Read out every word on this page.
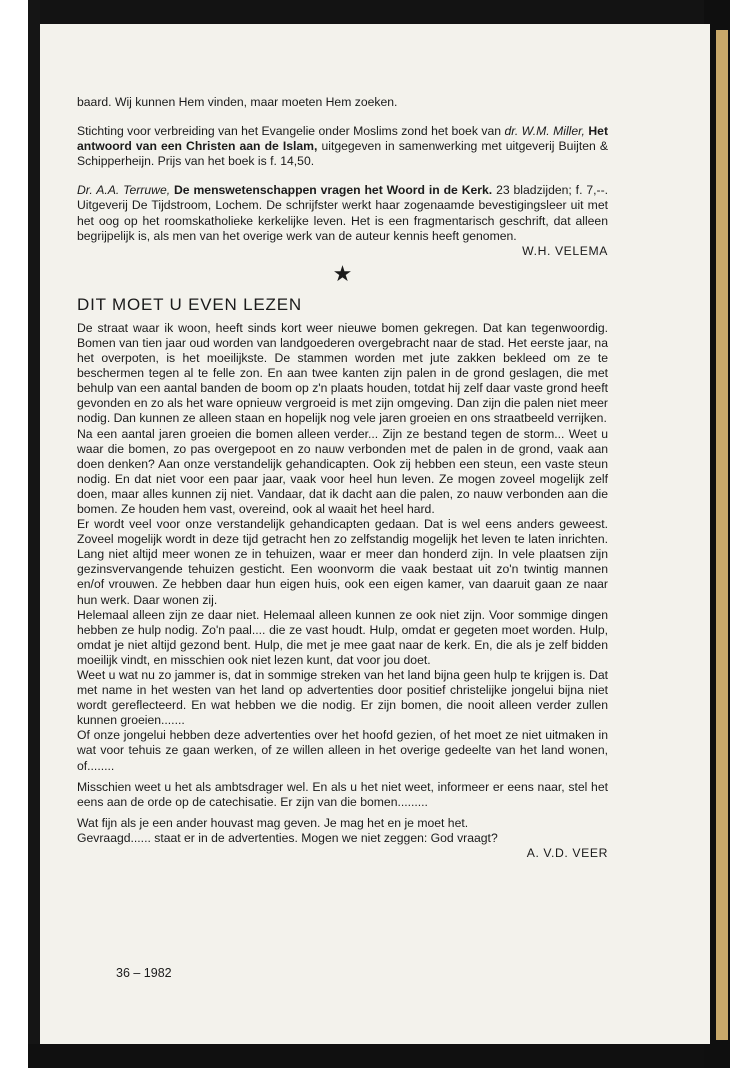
baard. Wij kunnen Hem vinden, maar moeten Hem zoeken.

Stichting voor verbreiding van het Evangelie onder Moslims zond het boek van dr. W.M. Miller, Het antwoord van een Christen aan de Islam, uitgegeven in samenwerking met uitgeverij Buijten & Schipperheijn. Prijs van het boek is f. 14,50.

Dr. A.A. Terruwe, De menswetenschappen vragen het Woord in de Kerk. 23 bladzijden; f. 7,--. Uitgeverij De Tijdstroom, Lochem. De schrijfster werkt haar zogenaamde bevestigingsleer uit met het oog op het roomskatholieke kerkelijke leven. Het is een fragmentarisch geschrift, dat alleen begrijpelijk is, als men van het overige werk van de auteur kennis heeft genomen.

W.H. VELEMA

★
DIT MOET U EVEN LEZEN

De straat waar ik woon, heeft sinds kort weer nieuwe bomen gekregen. Dat kan tegenwoordig. Bomen van tien jaar oud worden van landgoederen overgebracht naar de stad. Het eerste jaar, na het overpoten, is het moeilijkste. De stammen worden met jute zakken bekleed om ze te beschermen tegen al te felle zon. En aan twee kanten zijn palen in de grond geslagen, die met behulp van een aantal banden de boom op z'n plaats houden, totdat hij zelf daar vaste grond heeft gevonden en zo als het ware opnieuw vergroeid is met zijn omgeving. Dan zijn die palen niet meer nodig. Dan kunnen ze alleen staan en hopelijk nog vele jaren groeien en ons straatbeeld verrijken.

Na een aantal jaren groeien die bomen alleen verder... Zijn ze bestand tegen de storm... Weet u waar die bomen, zo pas overgepoot en zo nauw verbonden met de palen in de grond, vaak aan doen denken? Aan onze verstandelijk gehandicapten. Ook zij hebben een steun, een vaste steun nodig. En dat niet voor een paar jaar, vaak voor heel hun leven. Ze mogen zoveel mogelijk zelf doen, maar alles kunnen zij niet. Vandaar, dat ik dacht aan die palen, zo nauw verbonden aan die bomen. Ze houden hem vast, overeind, ook al waait het heel hard.

Er wordt veel voor onze verstandelijk gehandicapten gedaan. Dat is wel eens anders geweest. Zoveel mogelijk wordt in deze tijd getracht hen zo zelfstandig mogelijk het leven te laten inrichten. Lang niet altijd meer wonen ze in tehuizen, waar er meer dan honderd zijn. In vele plaatsen zijn gezinsvervangende tehuizen gesticht. Een woonvorm die vaak bestaat uit zo'n twintig mannen en/of vrouwen. Ze hebben daar hun eigen huis, ook een eigen kamer, van daaruit gaan ze naar hun werk. Daar wonen zij.

Helemaal alleen zijn ze daar niet. Helemaal alleen kunnen ze ook niet zijn. Voor sommige dingen hebben ze hulp nodig. Zo'n paal.... die ze vast houdt. Hulp, omdat er gegeten moet worden. Hulp, omdat je niet altijd gezond bent. Hulp, die met je mee gaat naar de kerk. En, die als je zelf bidden moeilijk vindt, en misschien ook niet lezen kunt, dat voor jou doet.

Weet u wat nu zo jammer is, dat in sommige streken van het land bijna geen hulp te krijgen is. Dat met name in het westen van het land op advertenties door positief christelijke jongelui bijna niet wordt gereflecteerd. En wat hebben we die nodig. Er zijn bomen, die nooit alleen verder zullen kunnen groeien.......

Of onze jongelui hebben deze advertenties over het hoofd gezien, of het moet ze niet uitmaken in wat voor tehuis ze gaan werken, of ze willen alleen in het overige gedeelte van het land wonen, of........

Misschien weet u het als ambtsdrager wel. En als u het niet weet, informeer er eens naar, stel het eens aan de orde op de catechisatie. Er zijn van die bomen.........

Wat fijn als je een ander houvast mag geven. Je mag het en je moet het.

Gevraagd...... staat er in de advertenties. Mogen we niet zeggen: God vraagt?

A. V.D. VEER

36 – 1982
